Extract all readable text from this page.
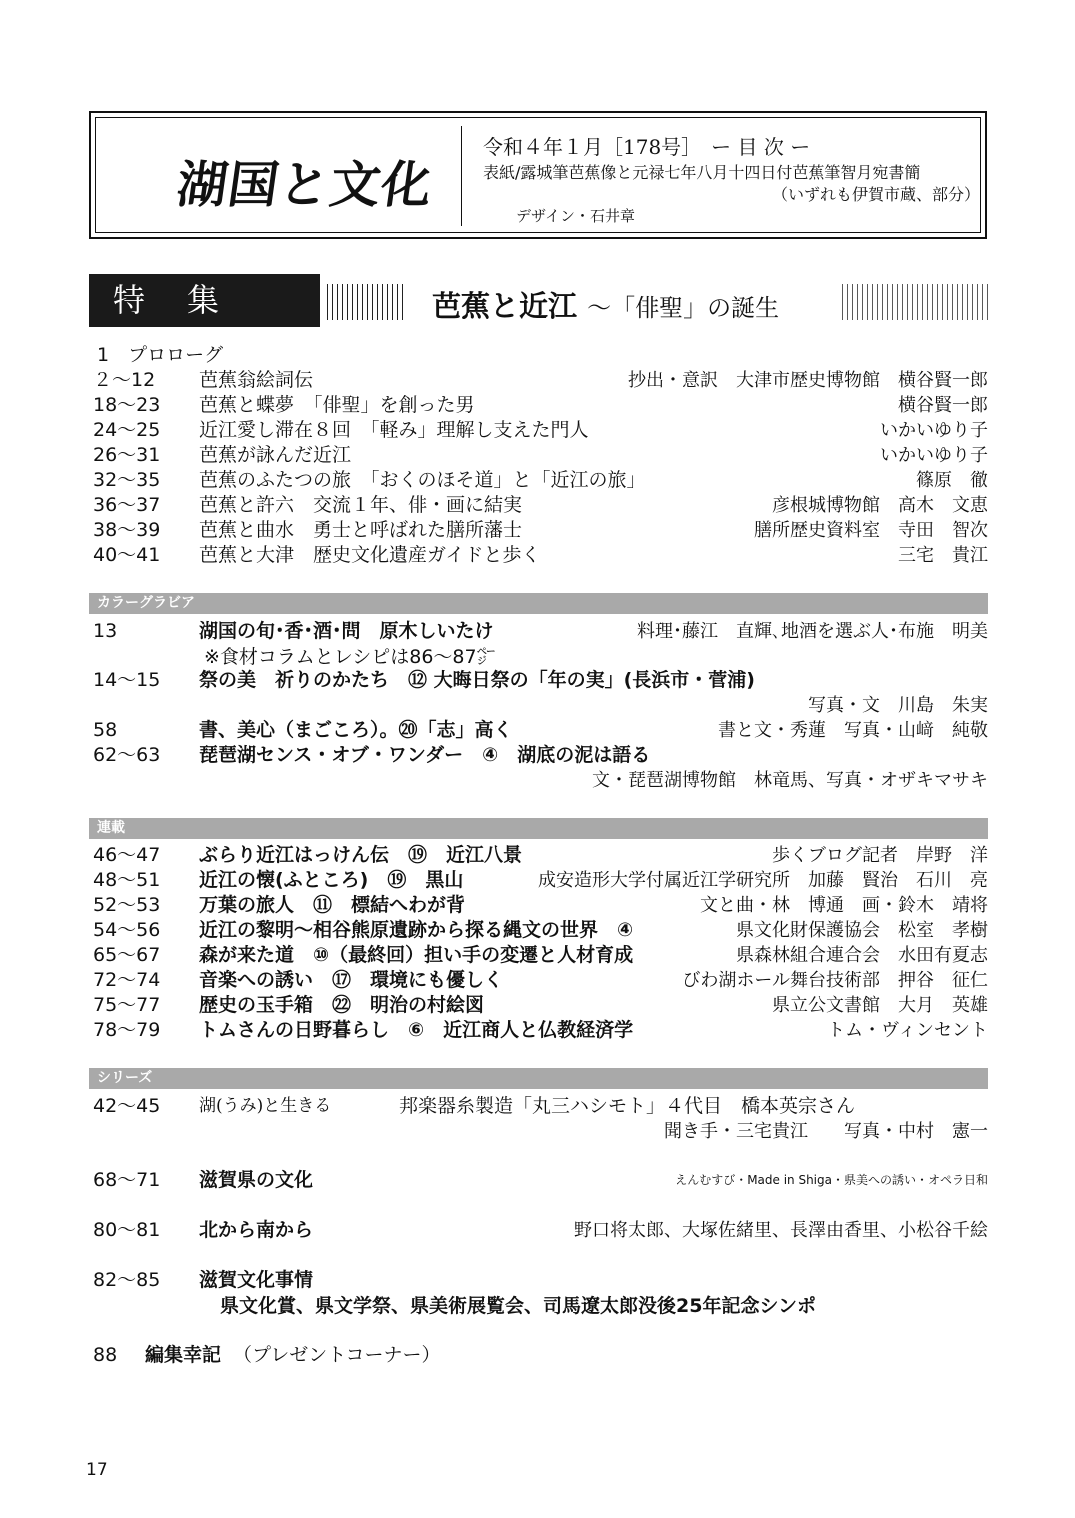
湖国と文化
令和４年１月［178号］　ー 目 次 ー
表紙/露城筆芭蕉像と元禄七年八月十四日付芭蕉筆智月宛書簡
（いずれも伊賀市蔵、部分）
デザイン・石井章
特集	芭蕉と近江 ～「俳聖」の誕生
1　プロローグ
２～12 芭蕉翁絵詞伝	抄出・意訳　大津市歴史博物館　横谷賢一郎
18～23 芭蕉と蝶夢　「俳聖」を創った男	横谷賢一郎
24～25 近江愛し滞在８回　「軽み」理解し支えた門人	いかいゆり子
26～31 芭蕉が詠んだ近江	いかいゆり子
32～35 芭蕉のふたつの旅　「おくのほそ道」と「近江の旅」	篠原　徹
36～37 芭蕉と許六　交流１年、俳・画に結実	彦根城博物館　高木　文恵
38～39 芭蕉と曲水　勇士と呼ばれた膳所藩士	膳所歴史資料室　寺田　智次
40～41 芭蕉と大津　歴史文化遺産ガイドと歩く	三宅　貴江
カラーグラビア
13	湖国の旬･香･酒･問　原木しいたけ	料理･藤江　直輝､地酒を選ぶ人･布施　明美
※食材コラムとレシピは86～87㌻
14～15 祭の美　祈りのかたち　⑫ 大晦日祭の「年の実」(長浜市・菅浦)
写真・文　川島　朱実
58	書、美心（まごころ）。⑳「志」高く	書と文・秀蓮　写真・山﨑　純敬
62～63 琵琶湖センス・オブ・ワンダー　④　湖底の泥は語る
文・琵琶湖博物館　林竜馬、写真・オザキマサキ
連載
46～47 ぶらり近江はっけん伝　⑲　近江八景	歩くブログ記者　岸野　洋
48～51 近江の懐(ふところ)　⑲　黒山	成安造形大学付属近江学研究所　加藤　賢治　石川　亮
52～53 万葉の旅人　⑪　標結へわが背	文と曲・林　博通　画・鈴木　靖将
54～56 近江の黎明～相谷熊原遺跡から探る縄文の世界　④	県文化財保護協会　松室　孝樹
65～67 森が来た道　⑩（最終回）担い手の変遷と人材育成	県森林組合連合会　水田有夏志
72～74 音楽への誘い　⑰　環境にも優しく	びわ湖ホール舞台技術部　押谷　征仁
75～77 歴史の玉手箱　㉒　明治の村絵図	県立公文書館　大月　英雄
78～79 トムさんの日野暮らし　⑥　近江商人と仏教経済学	トム・ヴィンセント
シリーズ
42～45 湖(うみ)と生きる	邦楽器糸製造「丸三ハシモト」４代目　橋本英宗さん
聞き手・三宅貴江　　写真・中村　憲一
68～71 滋賀県の文化	えんむすび・Made in Shiga・県美への誘い・オペラ日和
80～81 北から南から	野口将太郎、大塚佐緒里、長澤由香里、小松谷千絵
82～85 滋賀文化事情
県文化賞、県文学祭、県美術展覧会、司馬遼太郎没後25年記念シンポ
88 編集幸記 （プレゼントコーナー）
17
